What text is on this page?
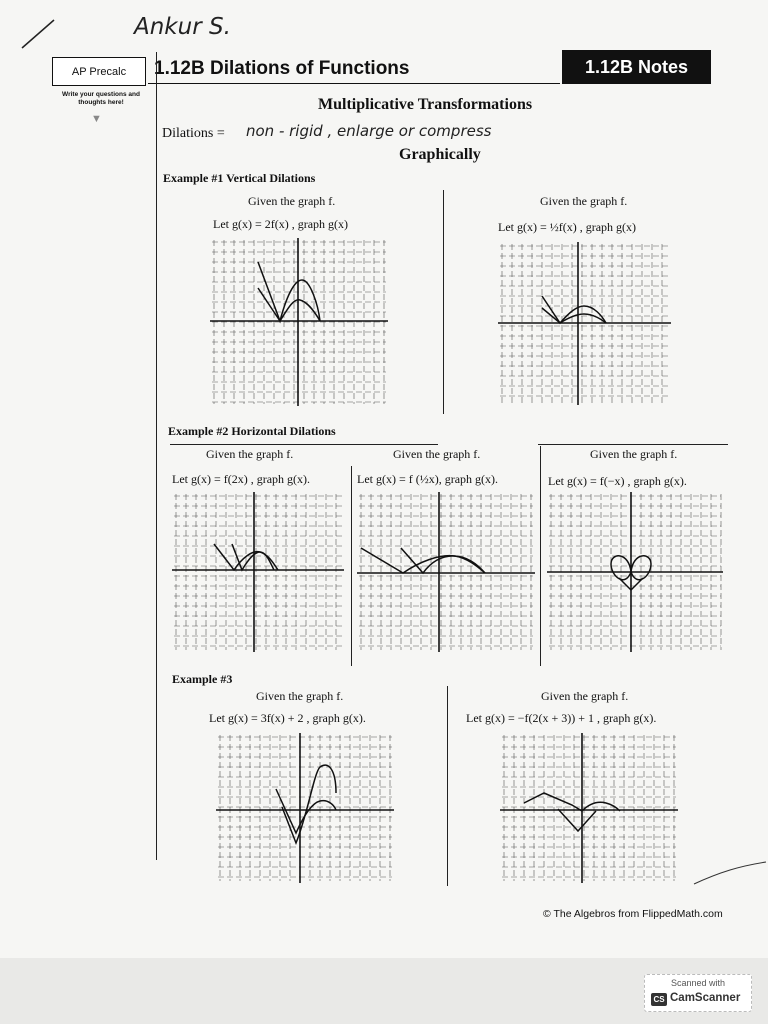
Ankur S.
AP Precalc	1.12B Dilations of Functions	1.12B Notes
Write your questions and thoughts here!
▼
Multiplicative Transformations
Dilations = non - rigid , enlarge or compress
Graphically
Example #1 Vertical Dilations
Given the graph f.
Let g(x) = 2f(x) , graph g(x)
Given the graph f.
Let g(x) = ½f(x) , graph g(x)
Example #2 Horizontal Dilations
Given the graph f.
Let g(x) = f(2x) , graph g(x).
Given the graph f.
Let g(x) = f (½x), graph g(x).
Given the graph f.
Let g(x) = f(−x) , graph g(x).
Example #3
Given the graph f.
Let g(x) = 3f(x) + 2 , graph g(x).
Given the graph f.
Let g(x) = −f(2(x + 3)) + 1 , graph g(x).
© The Algebros from FlippedMath.com
Scanned with
CS CamScanner
